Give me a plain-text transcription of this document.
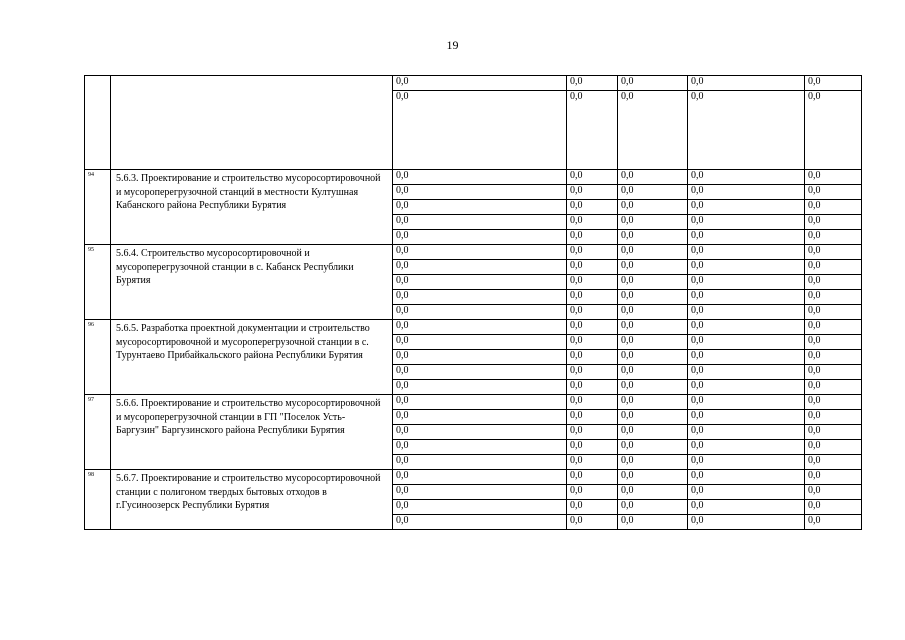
19
		0,0	0,0	0,0	0,0	0,0
		0,0	0,0	0,0	0,0	0,0
94	5.6.3. Проектирование и строительство мусоросортировочной и мусороперегрузочной станций в местности Култушная Кабанского района Республики Бурятия	0,0	0,0	0,0	0,0	0,0
		0,0	0,0	0,0	0,0	0,0
		0,0	0,0	0,0	0,0	0,0
		0,0	0,0	0,0	0,0	0,0
		0,0	0,0	0,0	0,0	0,0
95	5.6.4. Строительство мусоросортировочной и мусороперегрузочной станции в с. Кабанск Республики Бурятия	0,0	0,0	0,0	0,0	0,0
		0,0	0,0	0,0	0,0	0,0
		0,0	0,0	0,0	0,0	0,0
		0,0	0,0	0,0	0,0	0,0
		0,0	0,0	0,0	0,0	0,0
96	5.6.5. Разработка проектной документации и строительство мусоросортировочной и мусороперегрузочной станции в с. Турунтаево Прибайкальского района Республики Бурятия	0,0	0,0	0,0	0,0	0,0
		0,0	0,0	0,0	0,0	0,0
		0,0	0,0	0,0	0,0	0,0
		0,0	0,0	0,0	0,0	0,0
		0,0	0,0	0,0	0,0	0,0
97	5.6.6. Проектирование и строительство мусоросортировочной и мусороперегрузочной станции в ГП "Поселок Усть-Баргузин" Баргузинского района Республики Бурятия	0,0	0,0	0,0	0,0	0,0
		0,0	0,0	0,0	0,0	0,0
		0,0	0,0	0,0	0,0	0,0
		0,0	0,0	0,0	0,0	0,0
		0,0	0,0	0,0	0,0	0,0
98	5.6.7. Проектирование и строительство мусоросортировочной станции с полигоном твердых бытовых отходов в г.Гусиноозерск Республики Бурятия	0,0	0,0	0,0	0,0	0,0
		0,0	0,0	0,0	0,0	0,0
		0,0	0,0	0,0	0,0	0,0
		0,0	0,0	0,0	0,0	0,0
